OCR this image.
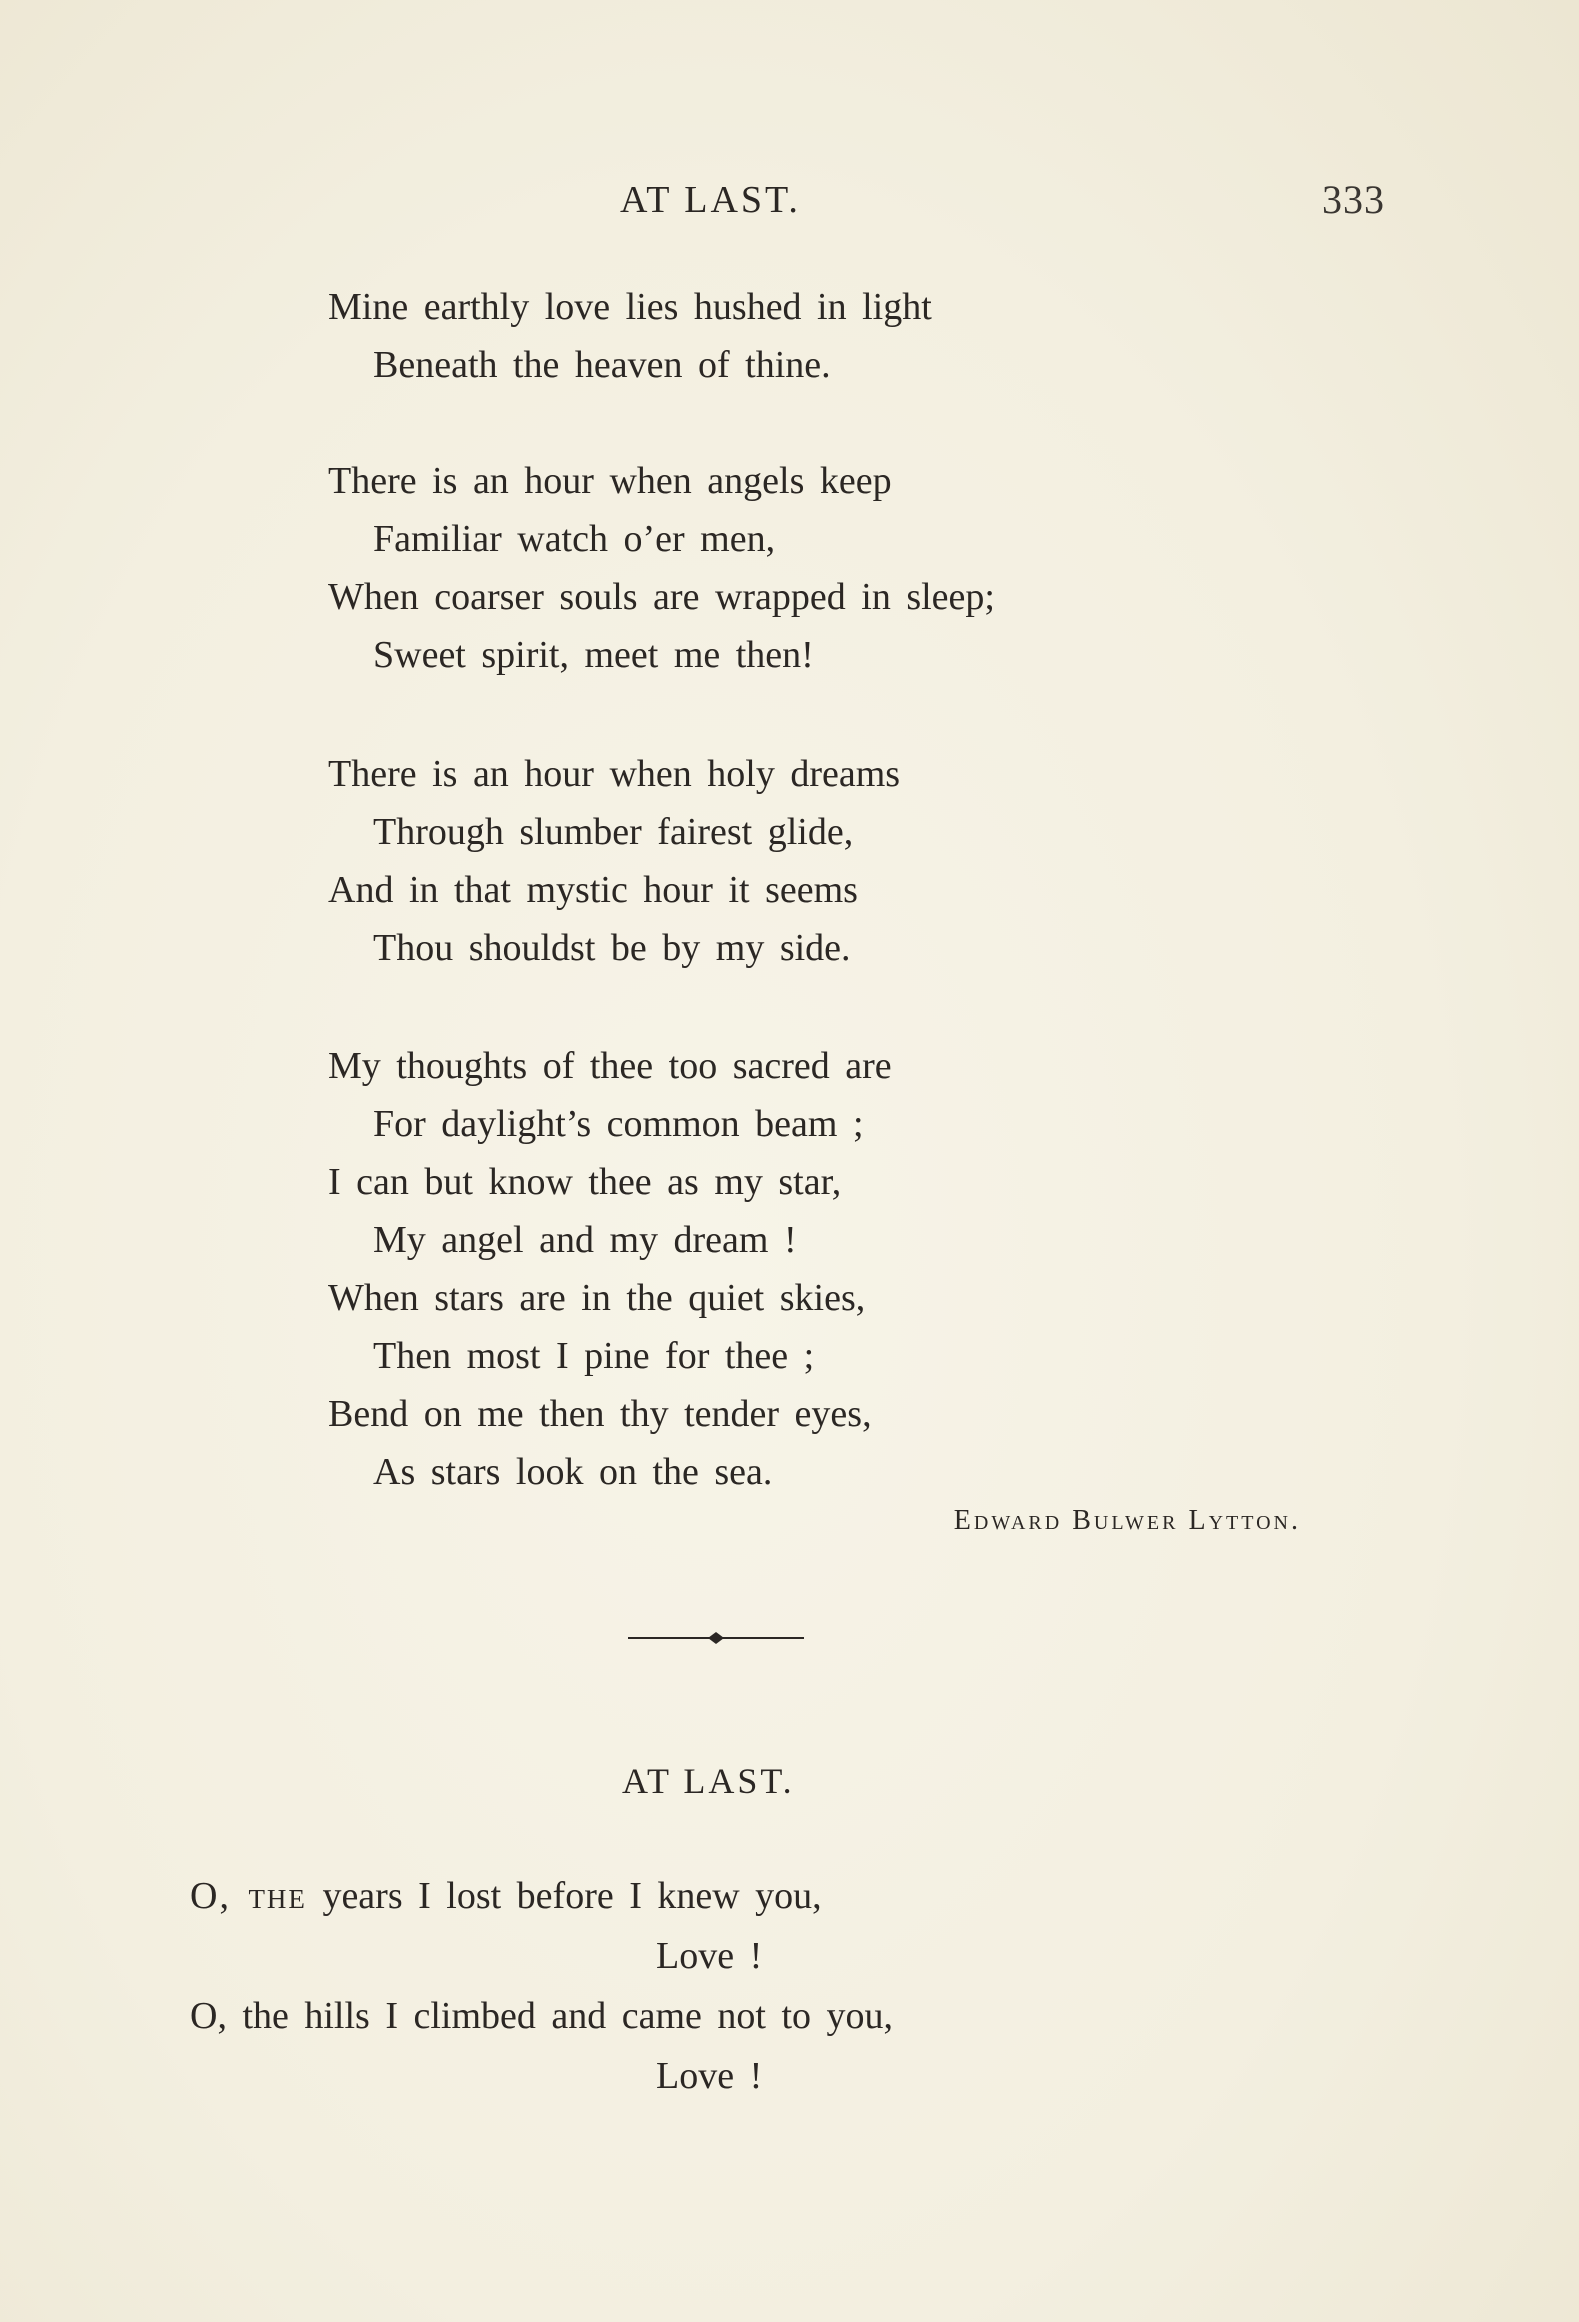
AT LAST.	333
Mine earthly love lies hushed in light
Beneath the heaven of thine.
There is an hour when angels keep
Familiar watch o’er men,
When coarser souls are wrapped in sleep;
Sweet spirit, meet me then!
There is an hour when holy dreams
Through slumber fairest glide,
And in that mystic hour it seems
Thou shouldst be by my side.
My thoughts of thee too sacred are
For daylight’s common beam ;
I can but know thee as my star,
My angel and my dream !
When stars are in the quiet skies,
Then most I pine for thee ;
Bend on me then thy tender eyes,
As stars look on the sea.
Edward Bulwer Lytton.
AT LAST.
O, the years I lost before I knew you,
Love !
O, the hills I climbed and came not to you,
Love !
